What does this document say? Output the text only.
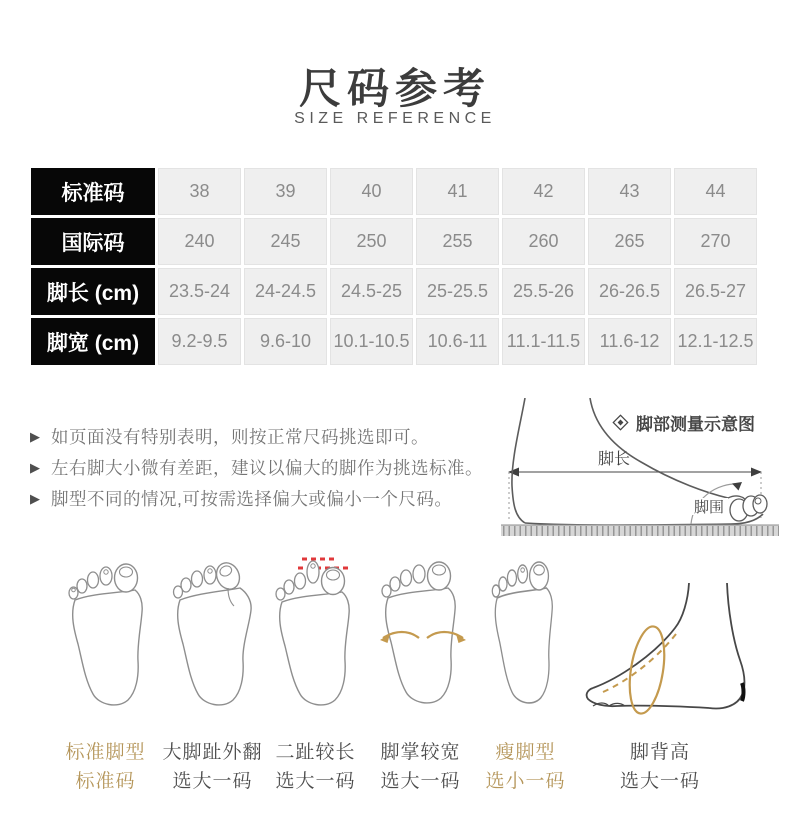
尺码参考
SIZE REFERENCE
标准码	38	39	40	41	42	43	44
国际码	240	245	250	255	260	265	270
脚长 (cm)	23.5-24	24-24.5	24.5-25	25-25.5	25.5-26	26-26.5	26.5-27
脚宽 (cm)	9.2-9.5	9.6-10	10.1-10.5	10.6-11	11.1-11.5	11.6-12	12.1-12.5
▶ 如页面没有特别表明，则按正常尺码挑选即可。
▶ 左右脚大小微有差距，建议以偏大的脚作为挑选标准。
▶ 脚型不同的情况,可按需选择偏大或偏小一个尺码。
脚部测量示意图
脚长
脚围
标准脚型
标准码
大脚趾外翻
选大一码
二趾较长
选大一码
脚掌较宽
选大一码
瘦脚型
选小一码
脚背高
选大一码
